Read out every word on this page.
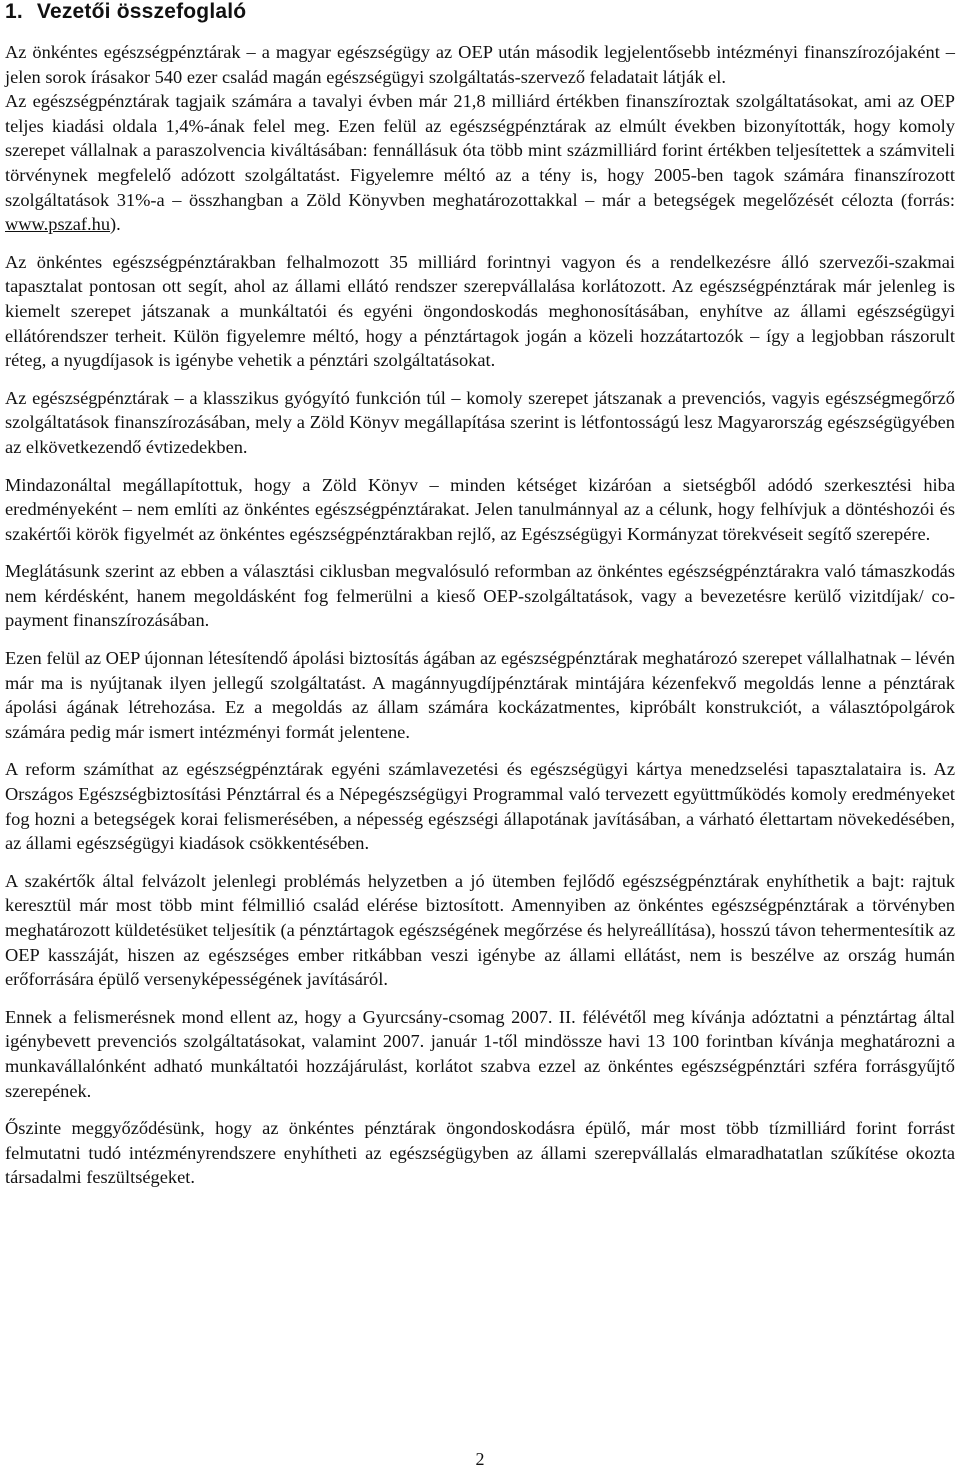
1. Vezetői összefoglaló

Az önkéntes egészségpénztárak – a magyar egészségügy az OEP után második legjelentősebb intézményi finanszírozójaként – jelen sorok írásakor 540 ezer család magán egészségügyi szolgáltatás-szervező feladatait látják el.

Az egészségpénztárak tagjaik számára a tavalyi évben már 21,8 milliárd értékben finanszíroztak szolgáltatásokat, ami az OEP teljes kiadási oldala 1,4%-ának felel meg. Ezen felül az egészségpénztárak az elmúlt években bizonyították, hogy komoly szerepet vállalnak a paraszolvencia kiváltásában: fennállásuk óta több mint százmilliárd forint értékben teljesítettek a számviteli törvénynek megfelelő adózott szolgáltatást. Figyelemre méltó az a tény is, hogy 2005-ben tagok számára finanszírozott szolgáltatások 31%-a – összhangban a Zöld Könyvben meghatározottakkal – már a betegségek megelőzését célozta (forrás: www.pszaf.hu).

Az önkéntes egészségpénztárakban felhalmozott 35 milliárd forintnyi vagyon és a rendelkezésre álló szervezői-szakmai tapasztalat pontosan ott segít, ahol az állami ellátó rendszer szerepvállalása korlátozott. Az egészségpénztárak már jelenleg is kiemelt szerepet játszanak a munkáltatói és egyéni öngondoskodás meghonosításában, enyhítve az állami egészségügyi ellátórendszer terheit. Külön figyelemre méltó, hogy a pénztártagok jogán a közeli hozzátartozók – így a legjobban rászorult réteg, a nyugdíjasok is igénybe vehetik a pénztári szolgáltatásokat.

Az egészségpénztárak – a klasszikus gyógyító funkción túl – komoly szerepet játszanak a prevenciós, vagyis egészségmegőrző szolgáltatások finanszírozásában, mely a Zöld Könyv megállapítása szerint is létfontosságú lesz Magyarország egészségügyében az elkövetkezendő évtizedekben.

Mindazonáltal megállapítottuk, hogy a Zöld Könyv – minden kétséget kizáróan a sietségből adódó szerkesztési hiba eredményeként – nem említi az önkéntes egészségpénztárakat. Jelen tanulmánnyal az a célunk, hogy felhívjuk a döntéshozói és szakértői körök figyelmét az önkéntes egészségpénztárakban rejlő, az Egészségügyi Kormányzat törekvéseit segítő szerepére.

Meglátásunk szerint az ebben a választási ciklusban megvalósuló reformban az önkéntes egészségpénztárakra való támaszkodás nem kérdésként, hanem megoldásként fog felmerülni a kieső OEP-szolgáltatások, vagy a bevezetésre kerülő vizitdíjak/ co-payment finanszírozásában.

Ezen felül az OEP újonnan létesítendő ápolási biztosítás ágában az egészségpénztárak meghatározó szerepet vállalhatnak – lévén már ma is nyújtanak ilyen jellegű szolgáltatást. A magánnyugdíjpénztárak mintájára kézenfekvő megoldás lenne a pénztárak ápolási ágának létrehozása. Ez a megoldás az állam számára kockázatmentes, kipróbált konstrukciót, a választópolgárok számára pedig már ismert intézményi formát jelentene.

A reform számíthat az egészségpénztárak egyéni számlavezetési és egészségügyi kártya menedzselési tapasztalataira is. Az Országos Egészségbiztosítási Pénztárral és a Népegészségügyi Programmal való tervezett együttműködés komoly eredményeket fog hozni a betegségek korai felismerésében, a népesség egészségi állapotának javításában, a várható élettartam növekedésében, az állami egészségügyi kiadások csökkentésében.

A szakértők által felvázolt jelenlegi problémás helyzetben a jó ütemben fejlődő egészségpénztárak enyhíthetik a bajt: rajtuk keresztül már most több mint félmillió család elérése biztosított. Amennyiben az önkéntes egészségpénztárak a törvényben meghatározott küldetésüket teljesítik (a pénztártagok egészségének megőrzése és helyreállítása), hosszú távon tehermentesítik az OEP kasszáját, hiszen az egészséges ember ritkábban veszi igénybe az állami ellátást, nem is beszélve az ország humán erőforrására épülő versenyképességének javításáról.

Ennek a felismerésnek mond ellent az, hogy a Gyurcsány-csomag 2007. II. félévétől meg kívánja adóztatni a pénztártag által igénybevett prevenciós szolgáltatásokat, valamint 2007. január 1-től mindössze havi 13 100 forintban kívánja meghatározni a munkavállalónként adható munkáltatói hozzájárulást, korlátot szabva ezzel az önkéntes egészségpénztári szféra forrásgyűjtő szerepének.

Őszinte meggyőződésünk, hogy az önkéntes pénztárak öngondoskodásra épülő, már most több tízmilliárd forint forrást felmutatni tudó intézményrendszere enyhítheti az egészségügyben az állami szerepvállalás elmaradhatatlan szűkítése okozta társadalmi feszültségeket.

2
